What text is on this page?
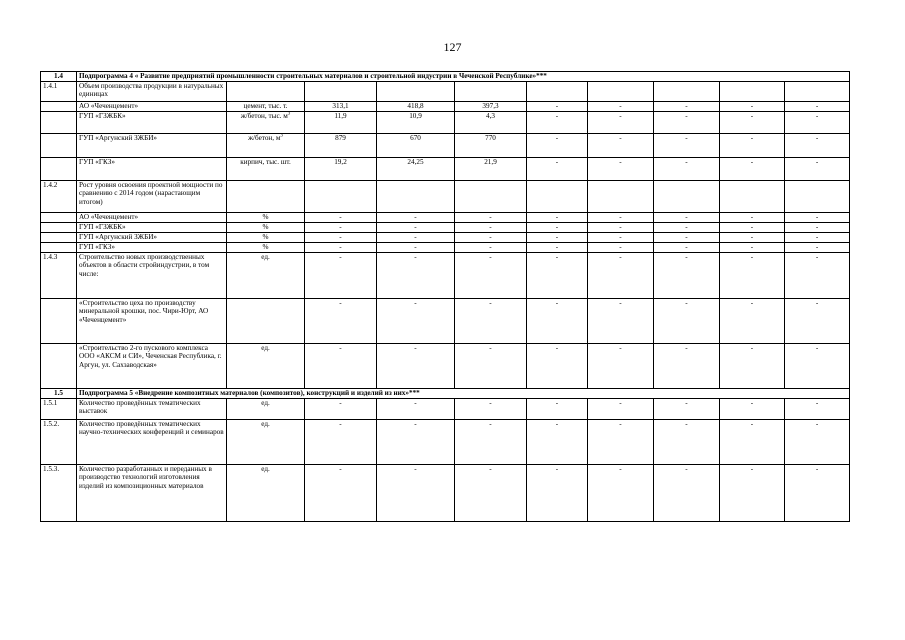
127
1.4	Подпрограмма 4 « Развитие предприятий промышленности строительных материалов и строительной индустрии в Чеченской Республике»***									
1.4.1	Объем производства продукции в натуральных единицах									
	АО «Чеченцемент»	цемент, тыс. т.	313,1	418,8	397,3	-	-	-	-	-
	ГУП «ГЗЖБК»	ж/бетон, тыс. $м^3$	11,9	10,9	4,3	-	-	-	-	-
	ГУП «Аргунский ЗЖБИ»	ж/бетон, $м^3$	879	670	770	-	-	-	-	-
	ГУП «ГКЗ»	кирпич, тыс. шт.	19,2	24,25	21,9	-	-	-	-	-
1.4.2	Рост уровня освоения проектной мощности по сравнению с 2014 годом (нарастающим итогом)									
	АО «Чеченцемент»	%	-	-	-	-	-	-	-	-
	ГУП «ГЗЖБК»	%	-	-	-	-	-	-	-	-
	ГУП «Аргунский ЗЖБИ»	%	-	-	-	-	-	-	-	-
	ГУП «ГКЗ»	%	-	-	-	-	-	-	-	-
1.4.3	Строительство новых производственных объектов в области стройиндустрии, в том числе:	ед.	-	-	-	-	-	-	-	-
	«Строительство цеха по производству минеральной крошки, пос. Чири-Юрт, АО «Чеченцемент»		-	-	-	-	-	-	-	-
	«Строительство 2-го пускового комплекса ООО «АКСМ и СИ», Чеченская Республика, г. Аргун, ул. Сахзаводская»	ед.	-	-	-	-	-	-	-	-
1.5	Подпрограмма 5 «Внедрение композитных материалов (композитов), конструкций и изделий из них»***									
1.5.1	Количество проведённых тематических выставок	ед.	-	-	-	-	-	-	-	-
1.5.2.	Количество проведённых тематических научно-технических конференций и семинаров	ед.	-	-	-	-	-	-	-	-
1.5.3.	Количество разработанных и переданных в производство технологий изготовления изделий из композиционных материалов	ед.	-	-	-	-	-	-	-	-
